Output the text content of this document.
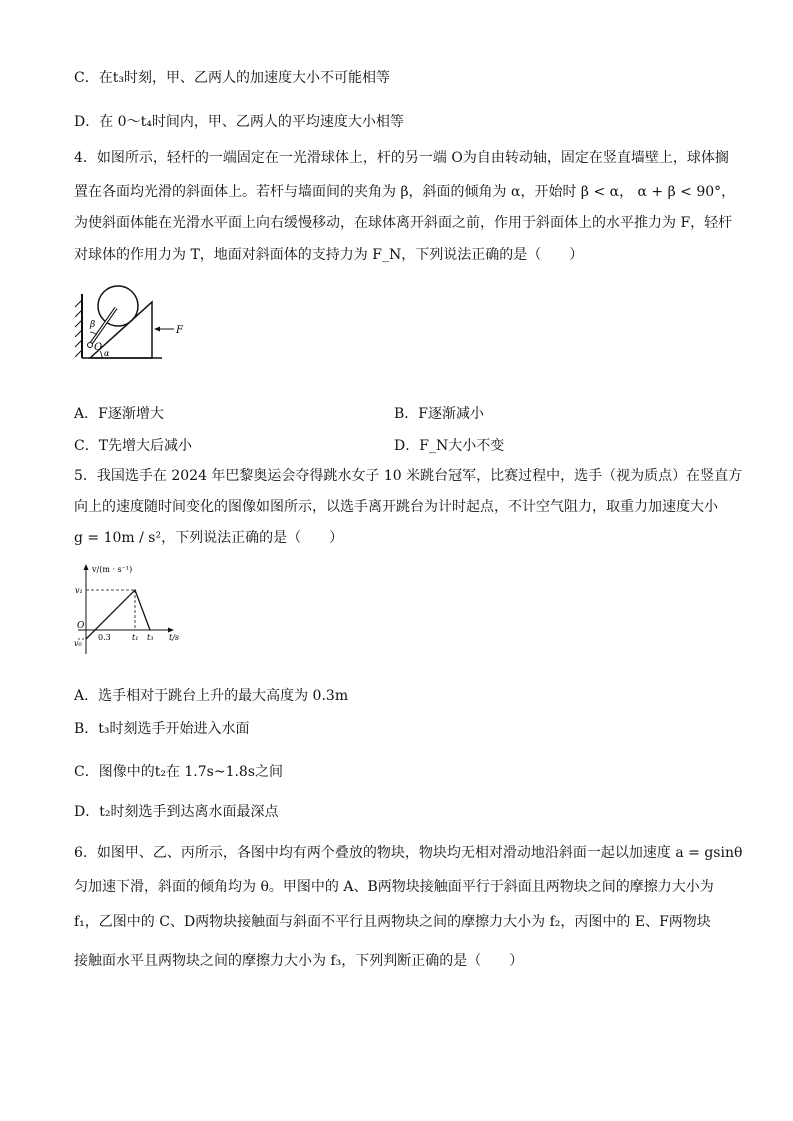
C．在t₃时刻，甲、乙两人的加速度大小不可能相等
D．在 0～t₄时间内，甲、乙两人的平均速度大小相等
4．如图所示，轻杆的一端固定在一光滑球体上，杆的另一端 O为自由转动轴，固定在竖直墙壁上，球体搁
置在各面均光滑的斜面体上。若杆与墙面间的夹角为 β，斜面的倾角为 α，开始时 β < α， α + β < 90°，
为使斜面体能在光滑水平面上向右缓慢移动，在球体离开斜面之前，作用于斜面体上的水平推力为 F，轻杆
对球体的作用力为 T，地面对斜面体的支持力为 F_N，下列说法正确的是（　　）
β
O
α
F
A．F逐渐增大	B．F逐渐减小
C．T先增大后减小	D．F_N大小不变
5．我国选手在 2024 年巴黎奥运会夺得跳水女子 10 米跳台冠军，比赛过程中，选手（视为质点）在竖直方
向上的速度随时间变化的图像如图所示，以选手离开跳台为计时起点，不计空气阻力，取重力加速度大小
g = 10m / s²，下列说法正确的是（　　）
v/(m · s⁻¹)
v₁
v₀
O
0.3	t₁ t₃ t/s
A．选手相对于跳台上升的最大高度为 0.3m
B．t₃时刻选手开始进入水面
C．图像中的t₂在 1.7s~1.8s之间
D．t₂时刻选手到达离水面最深点
6．如图甲、乙、丙所示，各图中均有两个叠放的物块，物块均无相对滑动地沿斜面一起以加速度 a = gsinθ
匀加速下滑，斜面的倾角均为 θ。甲图中的 A、B两物块接触面平行于斜面且两物块之间的摩擦力大小为
f₁，乙图中的 C、D两物块接触面与斜面不平行且两物块之间的摩擦力大小为 f₂，丙图中的 E、F两物块
接触面水平且两物块之间的摩擦力大小为 f₃，下列判断正确的是（　　）
